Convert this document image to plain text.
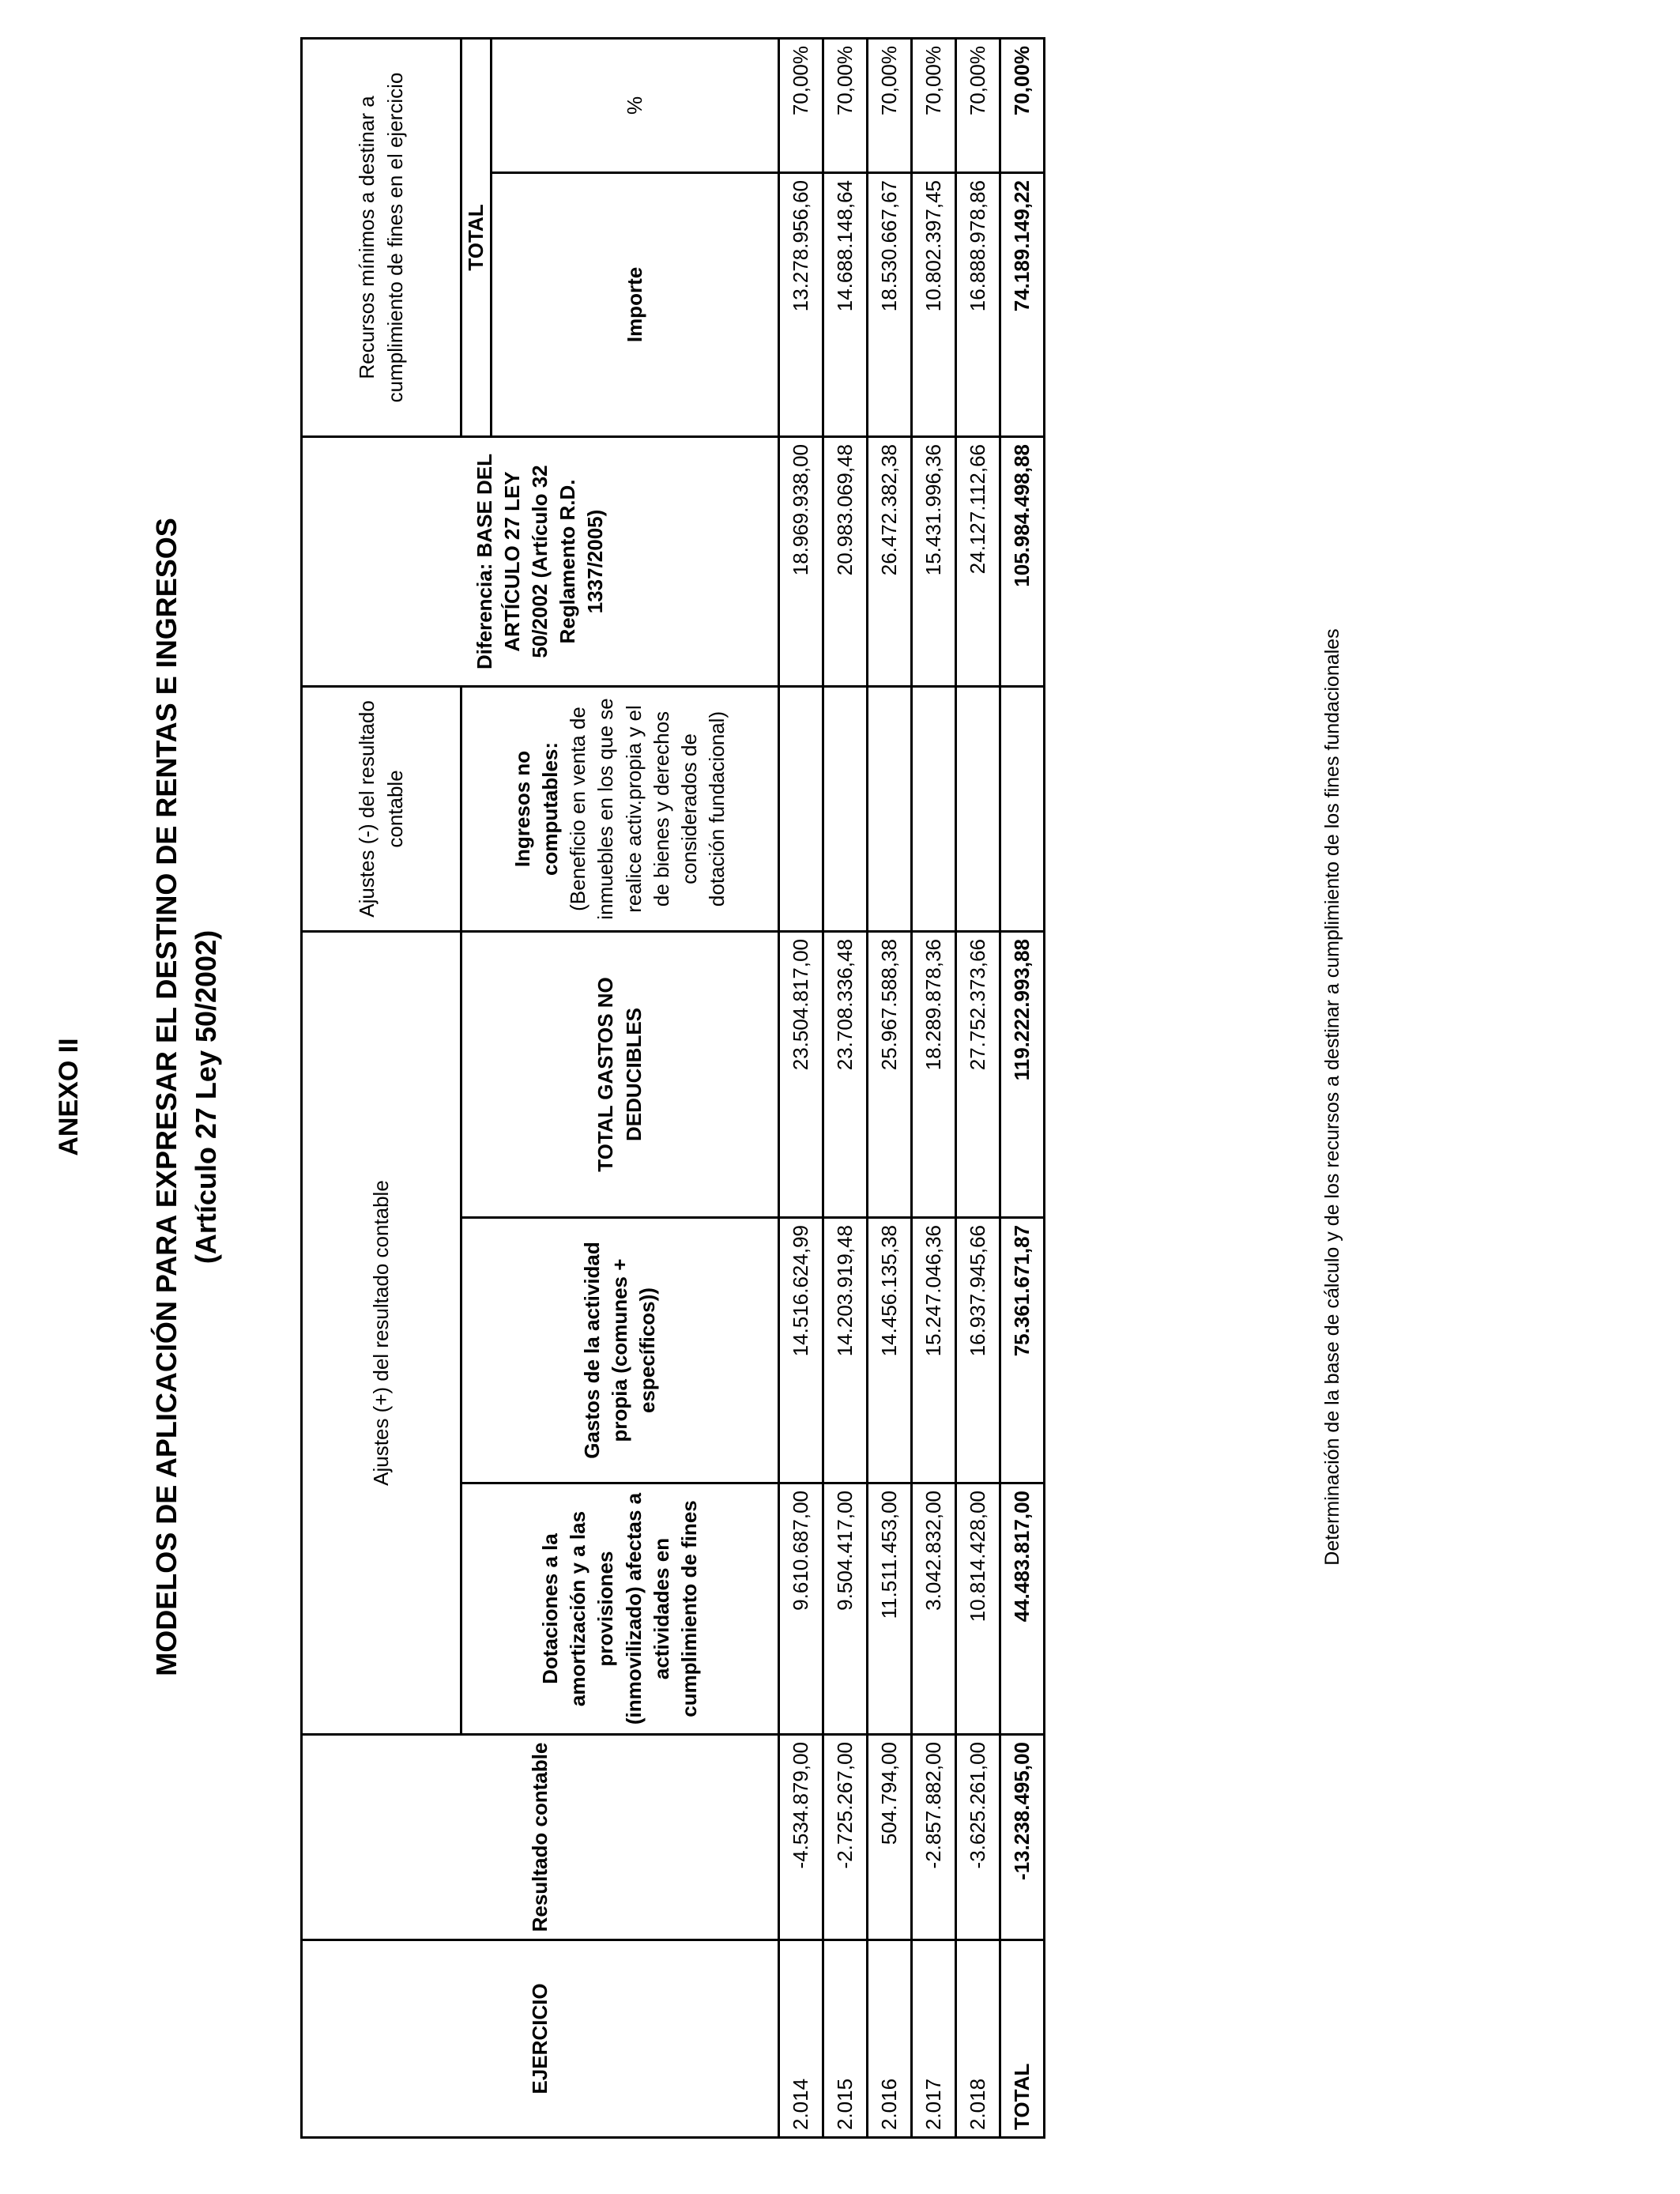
ANEXO II MODELOS DE APLICACIÓN PARA EXPRESAR EL DESTINO DE RENTAS E INGRESOS (Artículo 27 Ley 50/2002)
EJERCICIO	Resultado contable	Ajustes (+) del resultado contable			Ajustes (-) del resultado contable	Diferencia: BASE DEL ARTÍCULO 27 LEY 50/2002 (Artículo 32 Reglamento R.D. 1337/2005)	Recursos mínimos a destinar a cumplimiento de fines en el ejercicio	
		Dotaciones a la amortización y a las provisiones (inmovilizado) afectas a actividades en cumplimiento de fines	Gastos de la actividad propia (comunes + específicos))	TOTAL GASTOS NO DEDUCIBLES	Ingresos no computables: (Beneficio en venta de inmuebles en los que se realice activ.propia y el de bienes y derechos considerados de dotación fundacional)		TOTAL	
							Importe	%
2.014	-4.534.879,00	9.610.687,00	14.516.624,99	23.504.817,00		18.969.938,00	13.278.956,60	70,00%
2.015	-2.725.267,00	9.504.417,00	14.203.919,48	23.708.336,48		20.983.069,48	14.688.148,64	70,00%
2.016	504.794,00	11.511.453,00	14.456.135,38	25.967.588,38		26.472.382,38	18.530.667,67	70,00%
2.017	-2.857.882,00	3.042.832,00	15.247.046,36	18.289.878,36		15.431.996,36	10.802.397,45	70,00%
2.018	-3.625.261,00	10.814.428,00	16.937.945,66	27.752.373,66		24.127.112,66	16.888.978,86	70,00%
TOTAL	-13.238.495,00	44.483.817,00	75.361.671,87	119.222.993,88		105.984.498,88	74.189.149,22	70,00%
Determinación de la base de cálculo y de los recursos a destinar a cumplimiento de los fines fundacionales
